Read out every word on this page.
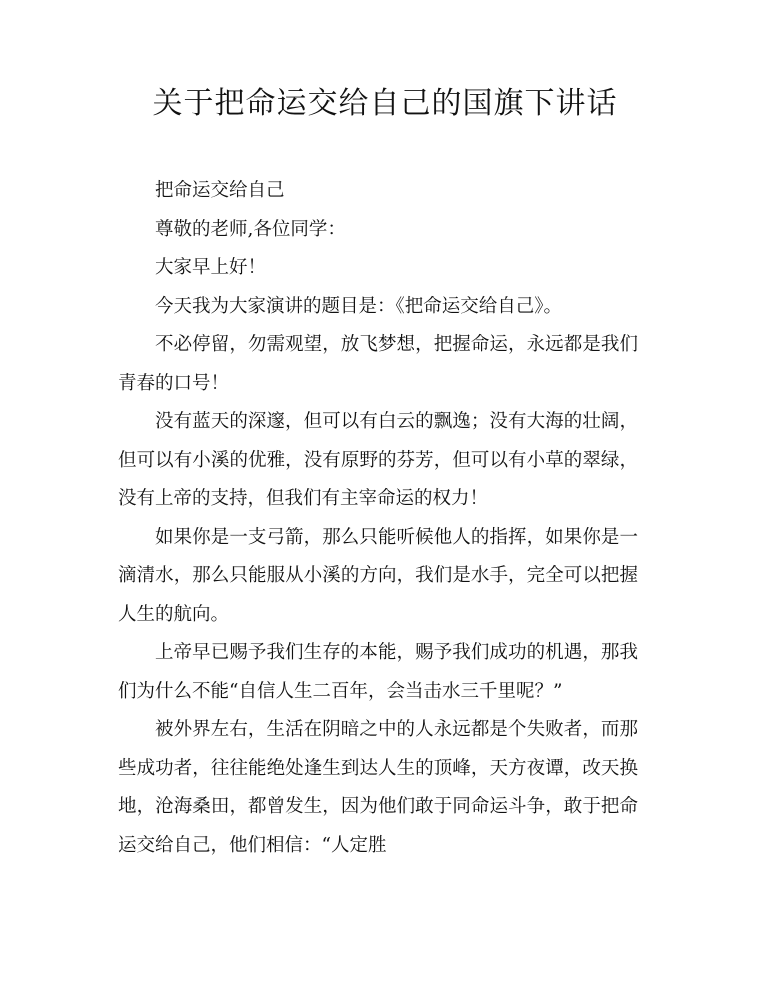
关于把命运交给自己的国旗下讲话

把命运交给自己

尊敬的老师,各位同学：

大家早上好！

今天我为大家演讲的题目是：《把命运交给自己》。

不必停留，勿需观望，放飞梦想，把握命运，永远都是我们青春的口号！

没有蓝天的深邃，但可以有白云的飘逸；没有大海的壮阔，但可以有小溪的优雅，没有原野的芬芳，但可以有小草的翠绿，没有上帝的支持，但我们有主宰命运的权力！

如果你是一支弓箭，那么只能听候他人的指挥，如果你是一滴清水，那么只能服从小溪的方向，我们是水手，完全可以把握人生的航向。

上帝早已赐予我们生存的本能，赐予我们成功的机遇，那我们为什么不能“自信人生二百年，会当击水三千里呢？”

被外界左右，生活在阴暗之中的人永远都是个失败者，而那些成功者，往往能绝处逢生到达人生的顶峰，天方夜谭，改天换地，沧海桑田，都曾发生，因为他们敢于同命运斗争，敢于把命运交给自己，他们相信：“人定胜
